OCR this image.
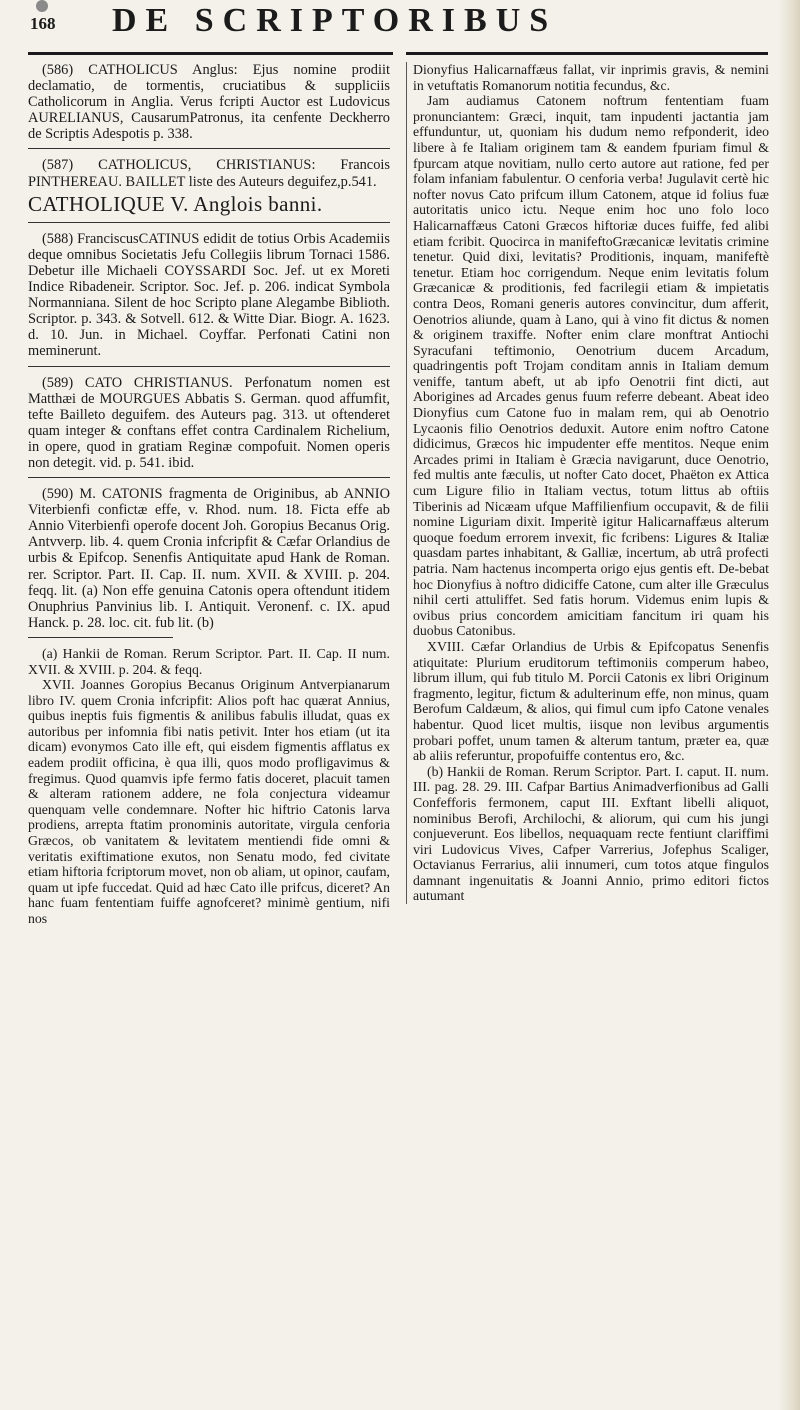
168 DE SCRIPTORIBUS

(586) CATHOLICUS Anglus: Ejus nomine prodiit declamatio, de tormentis, cruciatibus & suppliciis Catholicorum in Anglia. Verus fcripti Auctor est Ludovicus AURELIANUS, CausarumPatronus, ita cenfente Deckherro de Scriptis Adespotis p. 338.

(587) CATHOLICUS, CHRISTIANUS: Francois PINTHEREAU. BAILLET liste des Auteurs deguifez,p.541.

CATHOLIQUE V. Anglois banni.

(588) FranciscusCATINUS edidit de totius Orbis Academiis deque omnibus Societatis Jefu Collegiis librum Tornaci 1586. Debetur ille Michaeli COYSSARDI Soc. Jef. ut ex Moreti Indice Ribadeneir. Scriptor. Soc. Jef. p. 206. indicat Symbola Normanniana. Silent de hoc Scripto plane Alegambe Biblioth. Scriptor. p. 343. & Sotvell. 612. & Witte Diar. Biogr. A. 1623. d. 10. Jun. in Michael. Coyffar. Perfonati Catini non meminerunt.

(589) CATO CHRISTIANUS. Perfonatum nomen est Matthæi de MOURGUES Abbatis S. German. quod affumfit, tefte Bailleto deguifem. des Auteurs pag. 313. ut oftenderet quam integer & conftans effet contra Cardinalem Richelium, in opere, quod in gratiam Reginæ compofuit. Nomen operis non detegit. vid. p. 541. ibid.

(590) M. CATONIS fragmenta de Originibus, ab ANNIO Viterbienfi confictæ effe, v. Rhod. num. 18. Ficta effe ab Annio Viterbienfi operofe docent Joh. Goropius Becanus Orig. Antvverp. lib. 4. quem Cronia infcripfit & Cæfar Orlandius de urbis & Epifcop. Senenfis Antiquitate apud Hank de Roman. rer. Scriptor. Part. II. Cap. II. num. XVII. & XVIII. p. 204. feqq. lit. (a) Non effe genuina Catonis opera oftendunt itidem Onuphrius Panvinius lib. I. Antiquit. Veronenf. c. IX. apud Hanck. p. 28. loc. cit. fub lit. (b)

(a) Hankii de Roman. Rerum Scriptor. Part. II. Cap. II num. XVII. & XVIII. p. 204. & feqq.

XVII. Joannes Goropius Becanus Originum Antverpianarum libro IV. quem Cronia infcripfit: Alios poft hac quærat Annius, quibus ineptis fuis figmentis & anilibus fabulis illudat, quas ex autoribus per infomnia fibi natis petivit. Inter hos etiam (ut ita dicam) evonymos Cato ille eft, qui eisdem figmentis afflatus ex eadem prodiit officina, è qua illi, quos modo profligavimus & fregimus. Quod quamvis ipfe fermo fatis doceret, placuit tamen & alteram rationem addere, ne fola conjectura videamur quenquam velle condemnare. Nofter hic hiftrio Catonis larva prodiens, arrepta ftatim pronominis autoritate, virgula cenforia Græcos, ob vanitatem & levitatem mentiendi fide omni & veritatis exiftimatione exutos, non Senatu modo, fed civitate etiam hiftoria fcriptorum movet, non ob aliam, ut opinor, caufam, quam ut ipfe fuccedat. Quid ad hæc Cato ille prifcus, diceret? An hanc fuam fententiam fuiffe agnofceret? minimè gentium, nifi nos

Dionyfius Halicarnaffæus fallat, vir inprimis gravis, & nemini in vetuftatis Romanorum notitia fecundus, &c.

Jam audiamus Catonem noftrum fententiam fuam pronunciantem: Græci, inquit, tam inpudenti jactantia jam effunduntur, ut, quoniam his dudum nemo refponderit, ideo libere à fe Italiam originem tam & eandem fpuriam fimul & fpurcam atque novitiam, nullo certo autore aut ratione, fed per folam infaniam fabulentur. O cenforia verba! Jugulavit certè hic nofter novus Cato prifcum illum Catonem, atque id folius fuæ autoritatis unico ictu. Neque enim hoc uno folo loco Halicarnaffæus Catoni Græcos hiftoriæ duces fuiffe, fed alibi etiam fcribit. Quocirca in manifeftoGræcanicæ levitatis crimine tenetur. Quid dixi, levitatis? Proditionis, inquam, manifeftè tenetur. Etiam hoc corrigendum. Neque enim levitatis folum Græcanicæ & proditionis, fed facrilegii etiam & impietatis contra Deos, Romani generis autores convincitur, dum afferit, Oenotrios aliunde, quam à Lano, qui à vino fit dictus & nomen & originem traxiffe. Nofter enim clare monftrat Antiochi Syracufani teftimonio, Oenotrium ducem Arcadum, quadringentis poft Trojam conditam annis in Italiam demum veniffe, tantum abeft, ut ab ipfo Oenotrii fint dicti, aut Aborigines ad Arcades genus fuum referre debeant. Abeat ideo Dionyfius cum Catone fuo in malam rem, qui ab Oenotrio Lycaonis filio Oenotrios deduxit. Autore enim noftro Catone didicimus, Græcos hic impudenter effe mentitos. Neque enim Arcades primi in Italiam è Græcia navigarunt, duce Oenotrio, fed multis ante fæculis, ut nofter Cato docet, Phaëton ex Attica cum Ligure filio in Italiam vectus, totum littus ab oftiis Tiberinis ad Nicæam ufque Maffilienfium occupavit, & de filii nomine Liguriam dixit. Imperitè igitur Halicarnaffæus alterum quoque foedum errorem invexit, fic fcribens: Ligures & Italiæ quasdam partes inhabitant, & Galliæ, incertum, ab utrâ profecti patria. Nam hactenus incomperta origo ejus gentis eft. De-bebat hoc Dionyfius à noftro didiciffe Catone, cum alter ille Græculus nihil certi attuliffet. Sed fatis horum. Videmus enim lupis & ovibus prius concordem amicitiam fancitum iri quam his duobus Catonibus.

XVIII. Cæfar Orlandius de Urbis & Epifcopatus Senenfis atiquitate: Plurium eruditorum teftimoniis comperum habeo, librum illum, qui fub titulo M. Porcii Catonis ex libri Originum fragmento, legitur, fictum & adulterinum effe, non minus, quam Berofum Caldæum, & alios, qui fimul cum ipfo Catone venales habentur. Quod licet multis, iisque non levibus argumentis probari poffet, unum tamen & alterum tantum, præter ea, quæ ab aliis referuntur, propofuiffe contentus ero, &c.

(b) Hankii de Roman. Rerum Scriptor. Part. I. caput. II. num. III. pag. 28. 29. III. Cafpar Bartius Animadverfionibus ad Galli Confefforis fermonem, caput III. Exftant libelli aliquot, nominibus Berofi, Archilochi, & aliorum, qui cum his jungi conjueverunt. Eos libellos, nequaquam recte fentiunt clariffimi viri Ludovicus Vives, Cafper Varrerius, Jofephus Scaliger, Octavianus Ferrarius, alii innumeri, cum totos atque fingulos damnant ingenuitatis & Joanni Annio, primo editori fictos autumant
